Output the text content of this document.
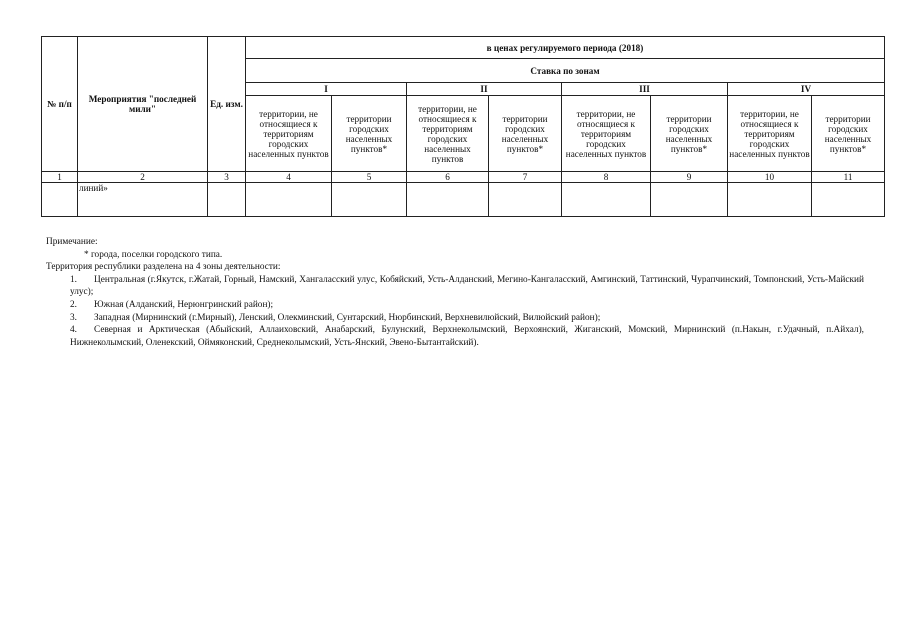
№ п/п	Мероприятия "последней мили"	Ед. изм.	в ценах регулируемого периода (2018)							
			Ставка по зонам							
			I		II		III		IV	
			территории, не относящиеся к территориям городских населенных пунктов	территории городских населенных пунктов*	территории, не относящиеся к территориям городских населенных пунктов	территории городских населенных пунктов*	территории, не относящиеся к территориям городских населенных пунктов	территории городских населенных пунктов*	территории, не относящиеся к территориям городских населенных пунктов	территории городских населенных пунктов*
1	2	3	4	5	6	7	8	9	10	11
	линий»									

Примечание:

* города, поселки городского типа.

Территория республики разделена на 4 зоны деятельности:

1. Центральная (г.Якутск, г.Жатай, Горный, Намский, Хангаласский улус, Кобяйский, Усть-Алданский, Мегино-Кангаласский, Амгинский, Таттинский, Чурапчинский, Томпонский, Усть-Майский улус);

2. Южная (Алданский, Нерюнгринский район);

3. Западная (Мирнинский (г.Мирный), Ленский, Олекминский, Сунтарский, Нюрбинский, Верхневилюйский, Вилюйский район);

4. Северная и Арктическая (Абыйский, Аллаиховский, Анабарский, Булунский, Верхнеколымский, Верхоянский, Жиганский, Момский, Мирнинский (п.Накын, г.Удачный, п.Айхал), Нижнеколымский, Оленекский, Оймяконский, Среднеколымский, Усть-Янский, Эвено-Бытантайский).
